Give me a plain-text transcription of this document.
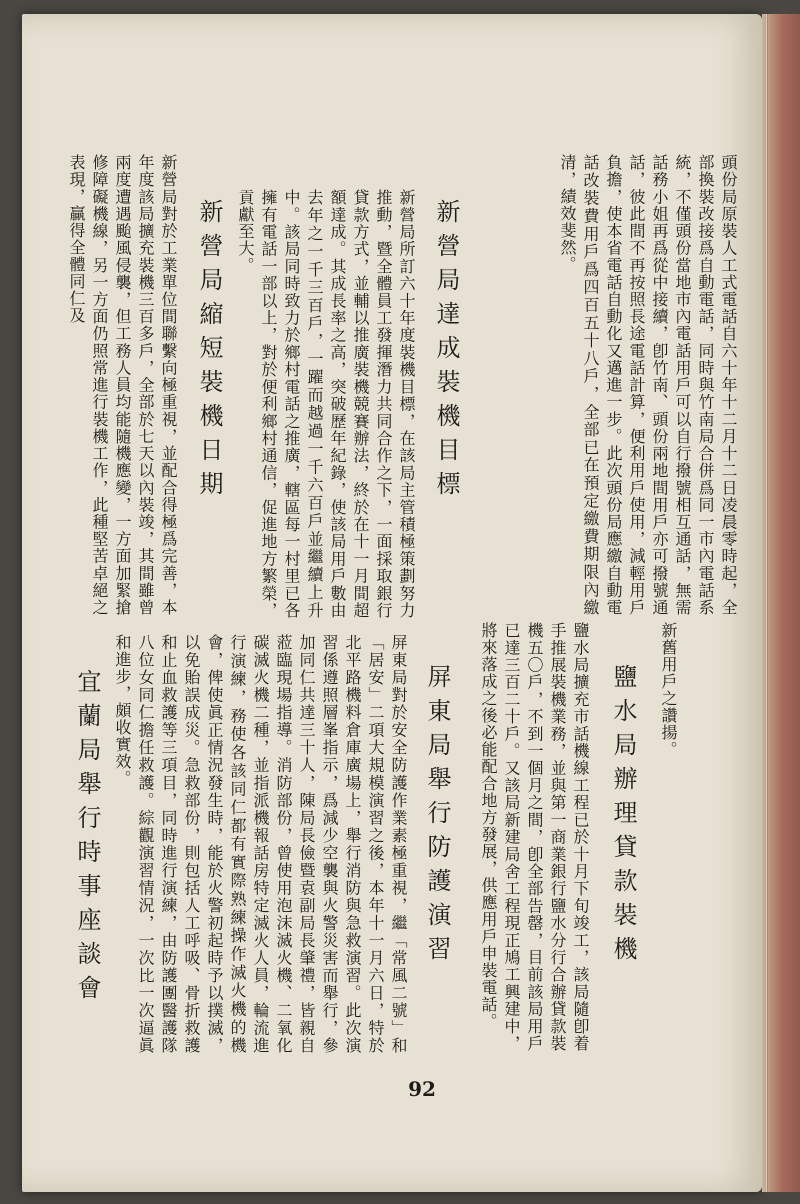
頭份局原裝人工式電話自六十年十二月十二日凌晨零時起，全部換裝改接爲自動電話，同時與竹南局合併爲同一市內電話系統，不僅頭份當地市內電話用戶可以自行撥號相互通話，無需話務小姐再爲從中接續，卽竹南、頭份兩地間用戶亦可撥號通話，彼此間不再按照長途電話計算，便利用戶使用，減輕用戶負擔，使本省電話自動化又邁進一步。此次頭份局應繳自動電話改裝費用戶爲四百五十八戶，全部已在預定繳費期限內繳清，績效斐然。
新營局達成裝機目標
新營局所訂六十年度裝機目標，在該局主管積極策劃努力推動，暨全體員工發揮潛力共同合作之下，一面採取銀行貸款方式，並輔以推廣裝機競賽辦法，終於在十一月間超額達成。其成長率之高，突破歷年紀錄，使該局用戶數由去年之一千三百戶，一躍而越過一千六百戶並繼續上升中。該局同時致力於鄉村電話之推廣，轄區每一村里已各擁有電話一部以上，對於便利鄉村通信，促進地方繁榮，貢獻至大。
新營局縮短裝機日期
新營局對於工業單位間聯繫向極重視，並配合得極爲完善，本年度該局擴充裝機三百多戶，全部於七天以內裝竣，其間雖曾兩度遭遇颱風侵襲，但工務人員均能隨機應變，一方面加緊搶修障礙機線，另一方面仍照常進行裝機工作，此種堅苦卓絕之表現，贏得全體同仁及
新舊用戶之讚揚。
鹽水局辦理貸款裝機
鹽水局擴充市話機線工程已於十月下旬竣工，該局隨卽着手推展裝機業務，並與第一商業銀行鹽水分行合辦貸款裝機五〇戶，不到一個月之間，卽全部告罄，目前該局用戶已達三百二十戶。又該局新建局舍工程現正鳩工興建中，將來落成之後必能配合地方發展，供應用戶申裝電話。
屏東局舉行防護演習
屏東局對於安全防護作業素極重視，繼「常風二號」和「居安」二項大規模演習之後，本年十一月六日，特於北平路機料倉庫廣場上，舉行消防與急救演習。此次演習係遵照層峯指示，爲減少空襲與火警災害而舉行，參加同仁共達三十人，陳局長儉暨袁副局長肇禮，皆親自蒞臨現場指導。消防部份，曾使用泡沫滅火機、二氧化碳滅火機二種，並指派機報話房特定滅火人員，輪流進行演練，務使各該同仁都有實際熟練操作滅火機的機會，俾使眞正情況發生時，能於火警初起時予以撲滅，以免貽誤成災。急救部份，則包括人工呼吸、骨折救護和止血救護等三項目，同時進行演練，由防護團醫護隊八位女同仁擔任救護。綜觀演習情況，一次比一次逼眞和進步，頗收實效。
宜蘭局舉行時事座談會
92
